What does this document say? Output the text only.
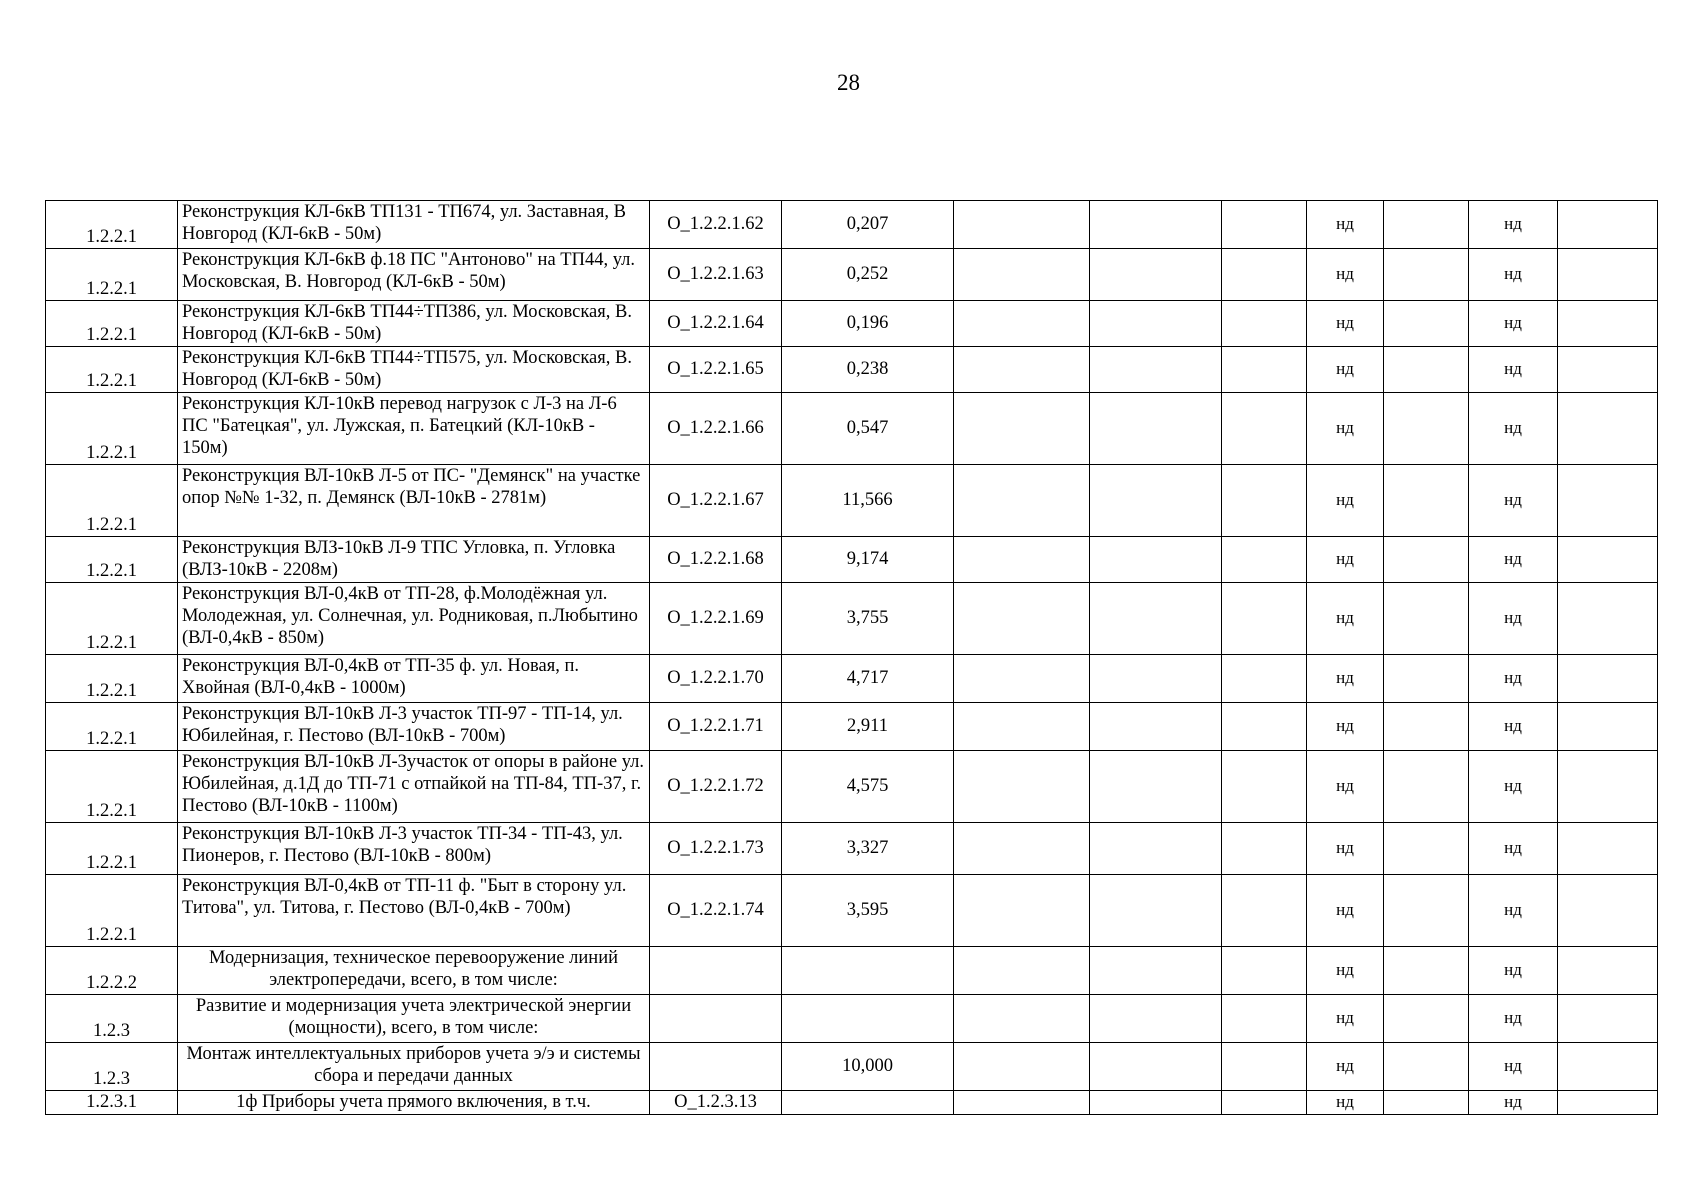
28
1.2.2.1	Реконструкция КЛ-6кВ ТП131 - ТП674, ул. Заставная, В Новгород (КЛ-6кВ - 50м)	О_1.2.2.1.62	0,207				нд		нд	
1.2.2.1	Реконструкция КЛ-6кВ ф.18 ПС "Антоново" на ТП44, ул. Московская, В. Новгород (КЛ-6кВ - 50м)	О_1.2.2.1.63	0,252				нд		нд	
1.2.2.1	Реконструкция КЛ-6кВ ТП44÷ТП386, ул. Московская, В. Новгород (КЛ-6кВ - 50м)	О_1.2.2.1.64	0,196				нд		нд	
1.2.2.1	Реконструкция КЛ-6кВ ТП44÷ТП575, ул. Московская, В. Новгород (КЛ-6кВ - 50м)	О_1.2.2.1.65	0,238				нд		нд	
1.2.2.1	Реконструкция КЛ-10кВ перевод нагрузок с Л-3 на Л-6 ПС "Батецкая", ул. Лужская, п. Батецкий (КЛ-10кВ - 150м)	О_1.2.2.1.66	0,547				нд		нд	
1.2.2.1	Реконструкция ВЛ-10кВ Л-5 от ПС- "Демянск" на участке опор №№ 1-32, п. Демянск (ВЛ-10кВ - 2781м)	О_1.2.2.1.67	11,566				нд		нд	
1.2.2.1	Реконструкция ВЛЗ-10кВ Л-9 ТПС Угловка, п. Угловка (ВЛЗ-10кВ - 2208м)	О_1.2.2.1.68	9,174				нд		нд	
1.2.2.1	Реконструкция ВЛ-0,4кВ от ТП-28, ф.Молодёжная ул. Молодежная, ул. Солнечная, ул. Родниковая, п.Любытино (ВЛ-0,4кВ - 850м)	О_1.2.2.1.69	3,755				нд		нд	
1.2.2.1	Реконструкция ВЛ-0,4кВ от ТП-35 ф. ул. Новая, п. Хвойная (ВЛ-0,4кВ - 1000м)	О_1.2.2.1.70	4,717				нд		нд	
1.2.2.1	Реконструкция ВЛ-10кВ Л-3 участок ТП-97 - ТП-14, ул. Юбилейная, г. Пестово (ВЛ-10кВ - 700м)	О_1.2.2.1.71	2,911				нд		нд	
1.2.2.1	Реконструкция ВЛ-10кВ Л-3участок от опоры в районе ул. Юбилейная, д.1Д до ТП-71 с отпайкой на ТП-84, ТП-37, г. Пестово (ВЛ-10кВ - 1100м)	О_1.2.2.1.72	4,575				нд		нд	
1.2.2.1	Реконструкция ВЛ-10кВ Л-3 участок ТП-34 - ТП-43, ул. Пионеров, г. Пестово (ВЛ-10кВ - 800м)	О_1.2.2.1.73	3,327				нд		нд	
1.2.2.1	Реконструкция ВЛ-0,4кВ от ТП-11 ф. "Быт в сторону ул. Титова", ул. Титова, г. Пестово (ВЛ-0,4кВ - 700м)	О_1.2.2.1.74	3,595				нд		нд	
1.2.2.2	Модернизация, техническое перевооружение линий электропередачи, всего, в том числе:						нд		нд	
1.2.3	Развитие и модернизация учета электрической энергии (мощности), всего, в том числе:						нд		нд	
1.2.3	Монтаж интеллектуальных приборов учета э/э и системы сбора и передачи данных		10,000				нд		нд	
1.2.3.1	1ф Приборы учета прямого включения, в т.ч.	О_1.2.3.13					нд		нд	
